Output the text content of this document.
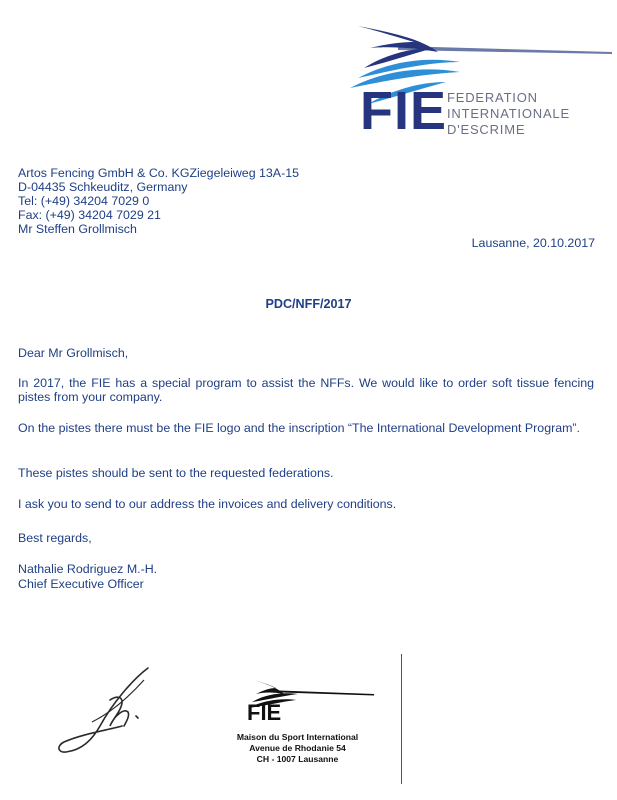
FIE FEDERATION
INTERNATIONALE
D'ESCRIME
Artos Fencing GmbH & Co. KGZiegeleiweg 13A-15
D-04435 Schkeuditz, Germany
Tel: (+49) 34204 7029 0
Fax: (+49) 34204 7029 21
Mr Steffen Grollmisch
Lausanne, 20.10.2017
PDC/NFF/2017
Dear Mr Grollmisch,
In 2017, the FIE has a special program to assist the NFFs. We would like to order soft tissue fencing pistes from your company.
On the pistes there must be the FIE logo and the inscription “The International Development Program”.
These pistes should be sent to the requested federations.
I ask you to send to our address the invoices and delivery conditions.
Best regards,
Nathalie Rodriguez M.-H.
Chief Executive Officer
FIE
Maison du Sport International
Avenue de Rhodanie 54
CH - 1007 Lausanne
